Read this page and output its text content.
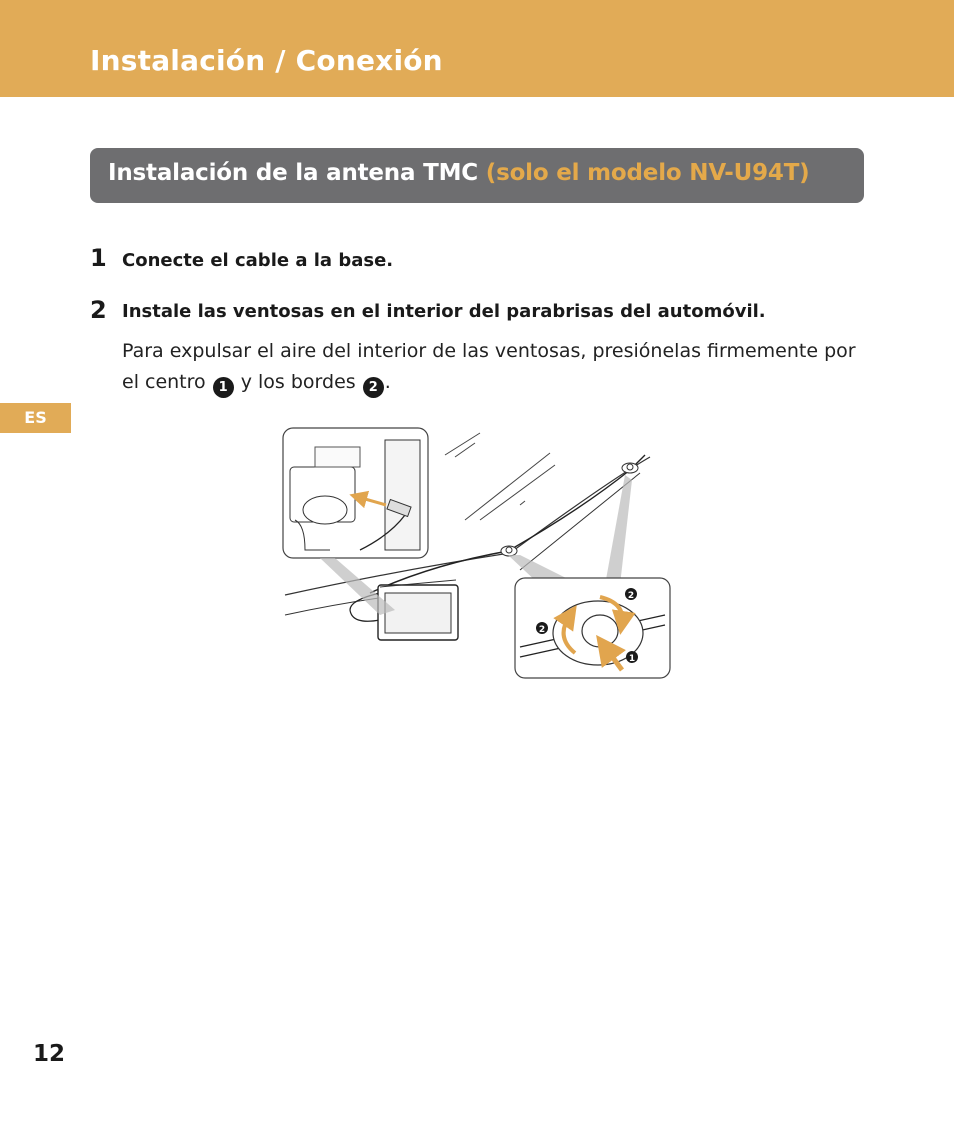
Instalación / Conexión
Instalación de la antena TMC (solo el modelo NV-U94T)
1 Conecte el cable a la base.
2 Instale las ventosas en el interior del parabrisas del automóvil.
Para expulsar el aire del interior de las ventosas, presiónelas firmemente por el centro 1 y los bordes 2 .
ES
2
2
1
12
